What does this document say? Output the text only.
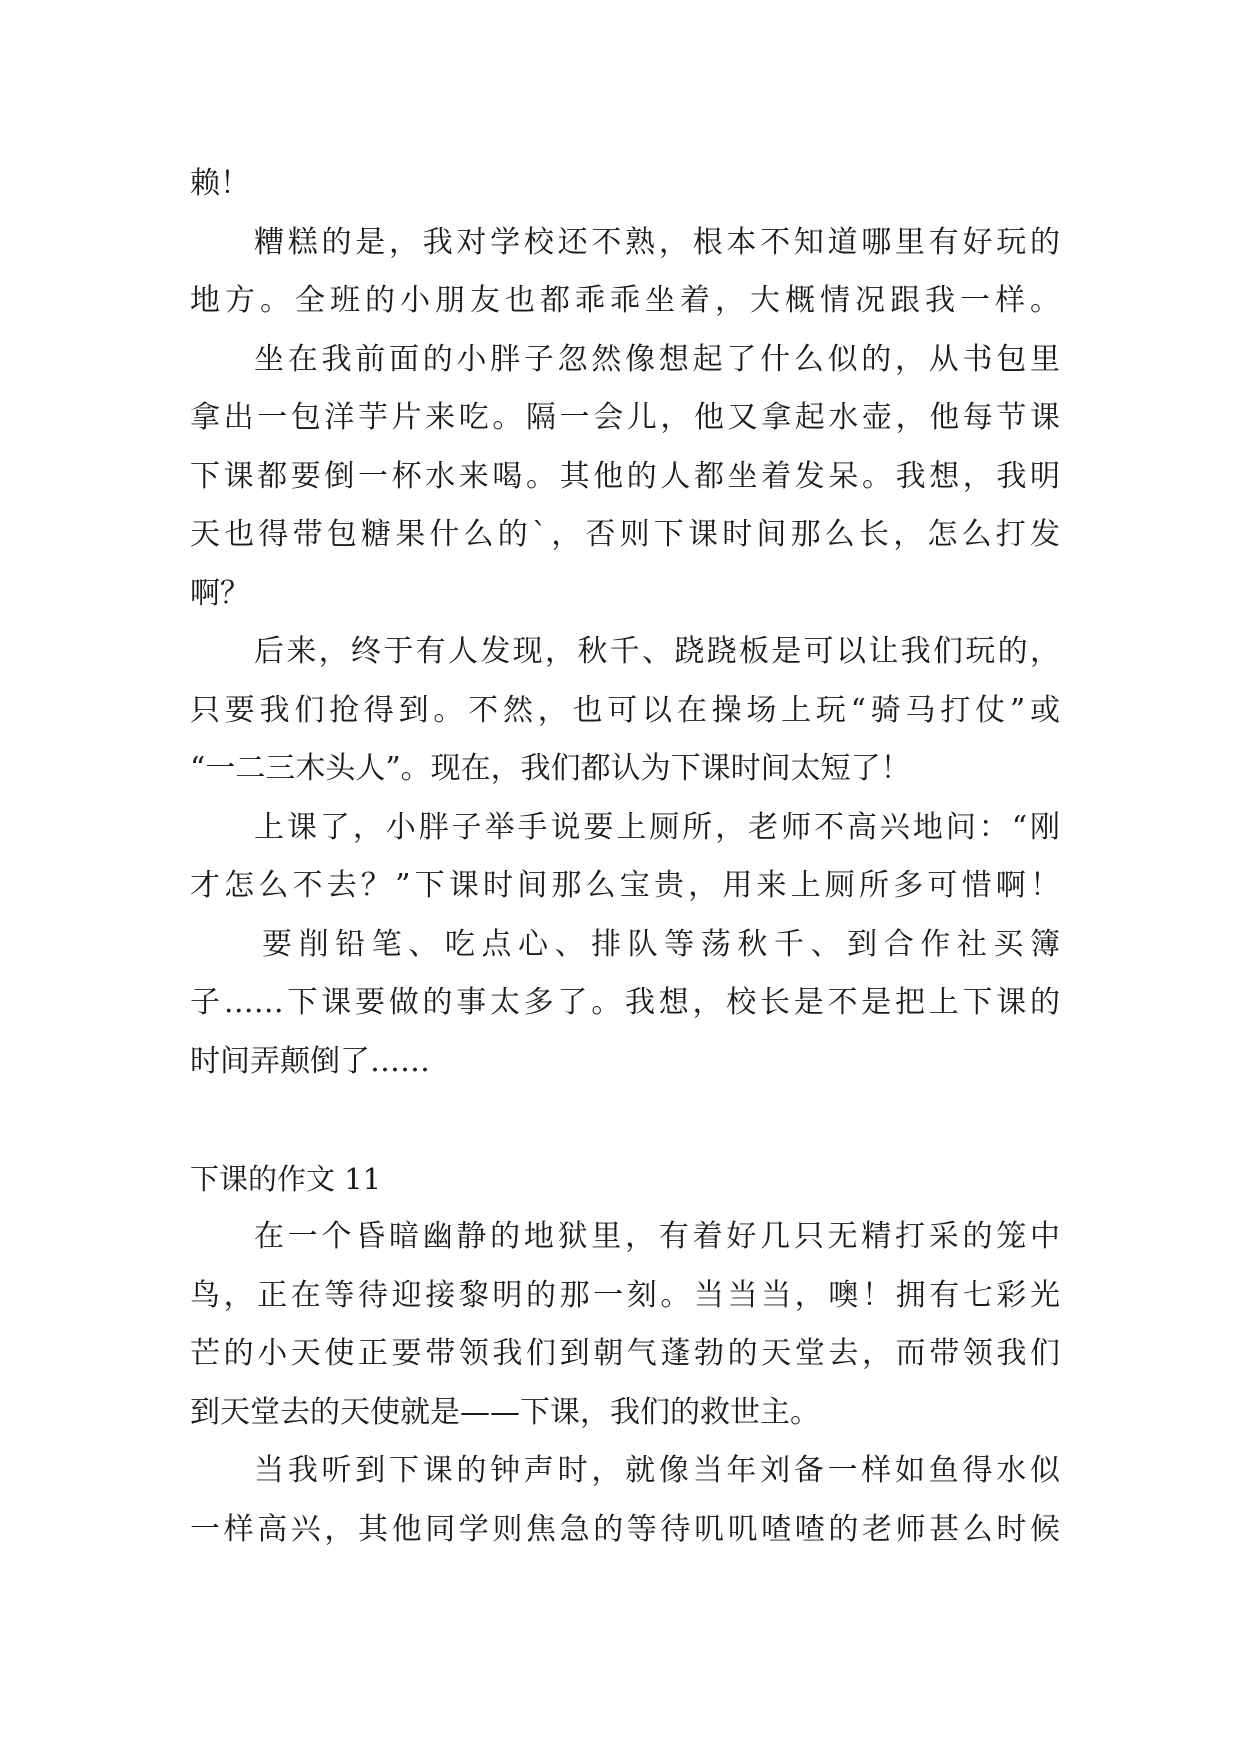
赖！
糟糕的是，我对学校还不熟，根本不知道哪里有好玩的
地方。全班的小朋友也都乖乖坐着，大概情况跟我一样。
坐在我前面的小胖子忽然像想起了什么似的，从书包里
拿出一包洋芋片来吃。隔一会儿，他又拿起水壶，他每节课
下课都要倒一杯水来喝。其他的人都坐着发呆。我想，我明
天也得带包糖果什么的`，否则下课时间那么长，怎么打发
啊？
后来，终于有人发现，秋千、跷跷板是可以让我们玩的，
只要我们抢得到。不然，也可以在操场上玩“骑马打仗”或
“一二三木头人”。现在，我们都认为下课时间太短了！
上课了，小胖子举手说要上厕所，老师不高兴地问：“刚
才怎么不去？”下课时间那么宝贵，用来上厕所多可惜啊！
要削铅笔、吃点心、排队等荡秋千、到合作社买簿
子……下课要做的事太多了。我想，校长是不是把上下课的
时间弄颠倒了……
下课的作文 11
在一个昏暗幽静的地狱里，有着好几只无精打采的笼中
鸟，正在等待迎接黎明的那一刻。当当当，噢！拥有七彩光
芒的小天使正要带领我们到朝气蓬勃的天堂去，而带领我们
到天堂去的天使就是——下课，我们的救世主。
当我听到下课的钟声时，就像当年刘备一样如鱼得水似
一样高兴，其他同学则焦急的等待叽叽喳喳的老师甚么时候
